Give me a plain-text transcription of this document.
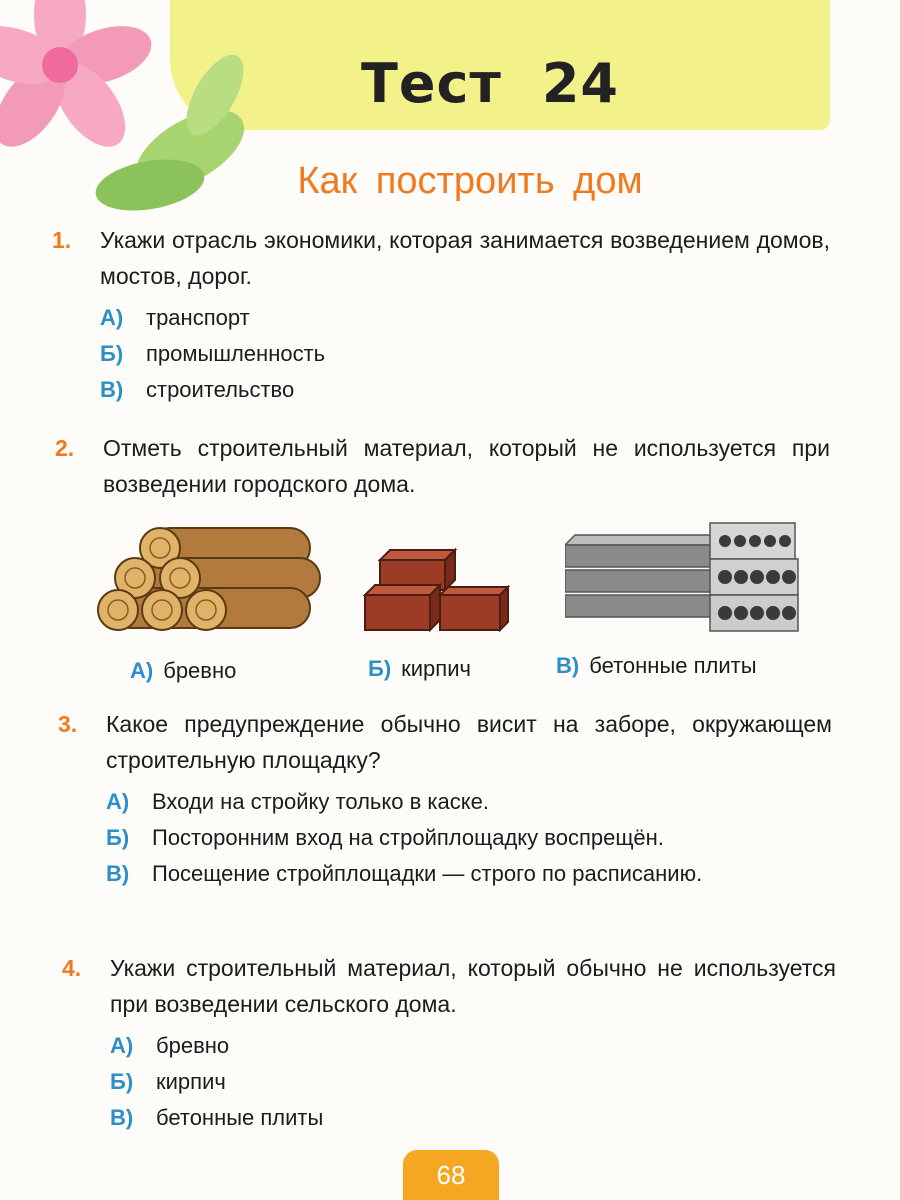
Тест 24
Как построить дом
1. Укажи отрасль экономики, которая занимается возведением домов, мостов, дорог.
А)	транспорт
Б)	промышленность
В)	строительство
2. Отметь строительный материал, который не используется при возведении городского дома.
А) бревно	Б) кирпич	В) бетонные плиты
3. Какое предупреждение обычно висит на заборе, окружающем строительную площадку?
А)	Входи на стройку только в каске.
Б)	Посторонним вход на стройплощадку воспрещён.
В)	Посещение стройплощадки — строго по расписанию.
4. Укажи строительный материал, который обычно не используется при возведении сельского дома.
А)	бревно
Б)	кирпич
В)	бетонные плиты
68
